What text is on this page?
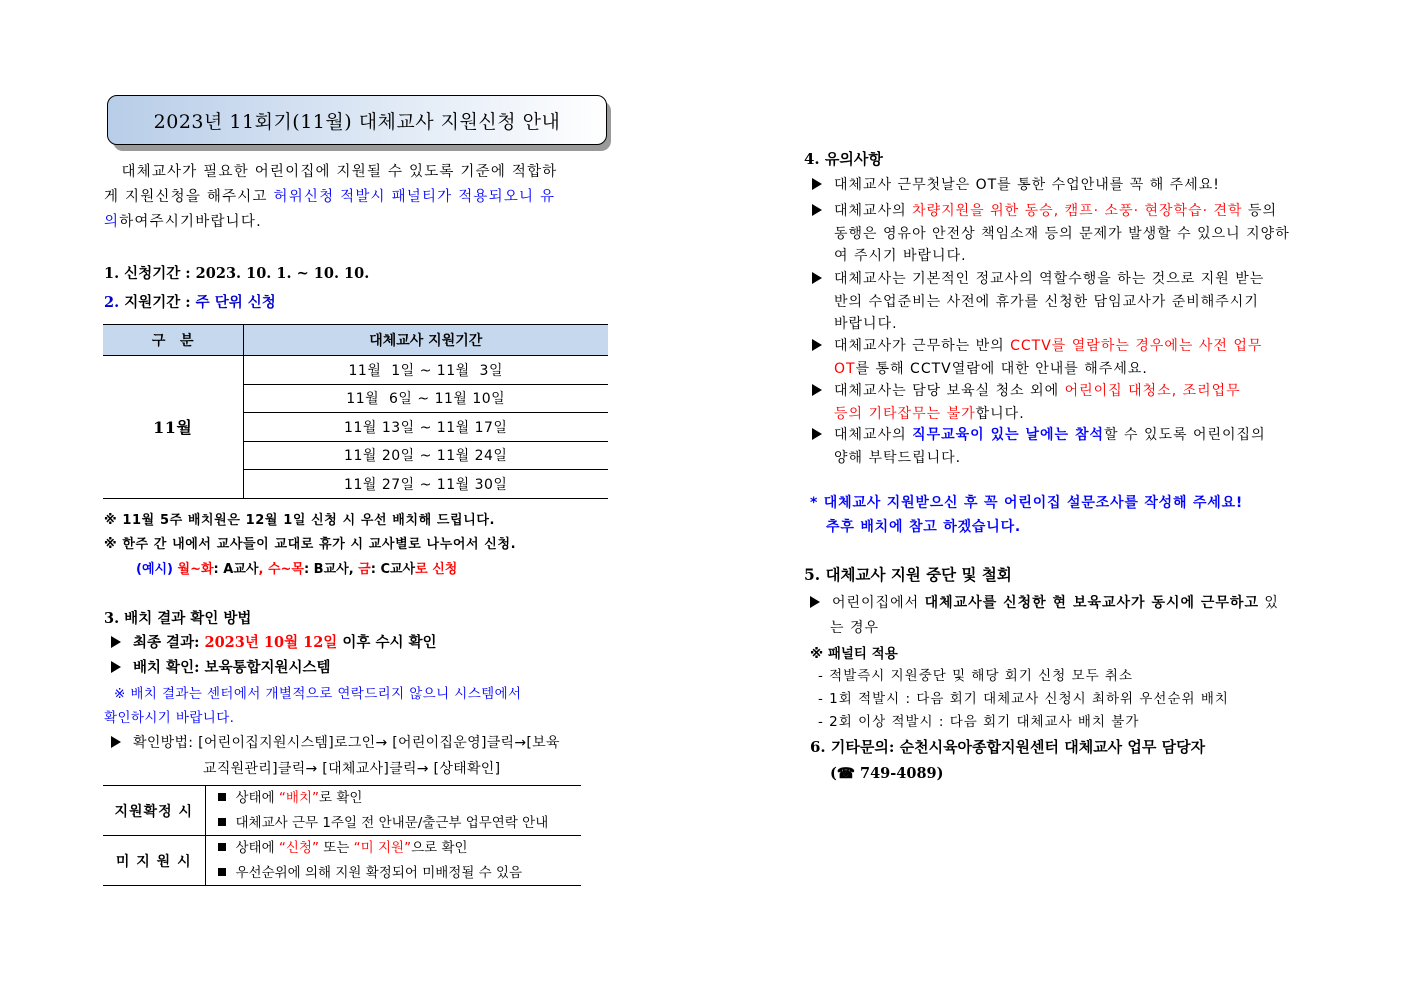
2023년 11회기(11월) 대체교사 지원신청 안내
대체교사가 필요한 어린이집에 지원될 수 있도록 기준에 적합하
게 지원신청을 해주시고 허위신청 적발시 패널티가 적용되오니 유
의하여주시기바랍니다.
1. 신청기간 : 2023. 10. 1. ~ 10. 10.
2. 지원기간 : 주 단위 신청
구   분	대체교사 지원기간
11월	11월  1일 ~ 11월  3일
	11월  6일 ~ 11월 10일
	11월 13일 ~ 11월 17일
	11월 20일 ~ 11월 24일
	11월 27일 ~ 11월 30일
※ 11월 5주 배치원은 12월 1일 신청 시 우선 배치해 드립니다.
※ 한주 간 내에서 교사들이 교대로 휴가 시 교사별로 나누어서 신청.
(예시) 월~화: A교사, 수~목: B교사, 금: C교사로 신청
3. 배치 결과 확인 방법
최종 결과: 2023년 10월 12일 이후 수시 확인
배치 확인: 보육통합지원시스템
※ 배치 결과는 센터에서 개별적으로 연락드리지 않으니 시스템에서
확인하시기 바랍니다.
확인방법: [어린이집지원시스템]로그인→ [어린이집운영]클릭→[보육
교직원관리]클릭→ [대체교사]클릭→ [상태확인]
지원확정 시	상태에 “배치”로 확인
대체교사 근무 1주일 전 안내문/출근부 업무연락 안내

미 지 원 시	상태에 “신청” 또는 “미 지원”으로 확인
우선순위에 의해 지원 확정되어 미배정될 수 있음
4. 유의사항
대체교사 근무첫날은 OT를 통한 수업안내를 꼭 해 주세요!
대체교사의 차량지원을 위한 동승, 캠프· 소풍· 현장학습· 견학 등의
동행은 영유아 안전상 책임소재 등의 문제가 발생할 수 있으니 지양하
여 주시기 바랍니다.
대체교사는 기본적인 정교사의 역할수행을 하는 것으로 지원 받는
반의 수업준비는 사전에 휴가를 신청한 담임교사가 준비해주시기
바랍니다.
대체교사가 근무하는 반의 CCTV를 열람하는 경우에는 사전 업무
OT를 통해 CCTV열람에 대한 안내를 해주세요.
대체교사는 담당 보육실 청소 외에 어린이집 대청소, 조리업무
등의 기타잡무는 불가합니다.
대체교사의 직무교육이 있는 날에는 참석할 수 있도록 어린이집의
양해 부탁드립니다.
* 대체교사 지원받으신 후 꼭 어린이집 설문조사를 작성해 주세요!
추후 배치에 참고 하겠습니다.
5. 대체교사 지원 중단 및 철회
어린이집에서 대체교사를 신청한 현 보육교사가 동시에 근무하고 있
는 경우
※ 패널티 적용
- 적발즉시 지원중단 및 해당 회기 신청 모두 취소
- 1회 적발시 : 다음 회기 대체교사 신청시 최하위 우선순위 배치
- 2회 이상 적발시 : 다음 회기 대체교사 배치 불가
6. 기타문의: 순천시육아종합지원센터 대체교사 업무 담당자
(☎ 749-4089)
